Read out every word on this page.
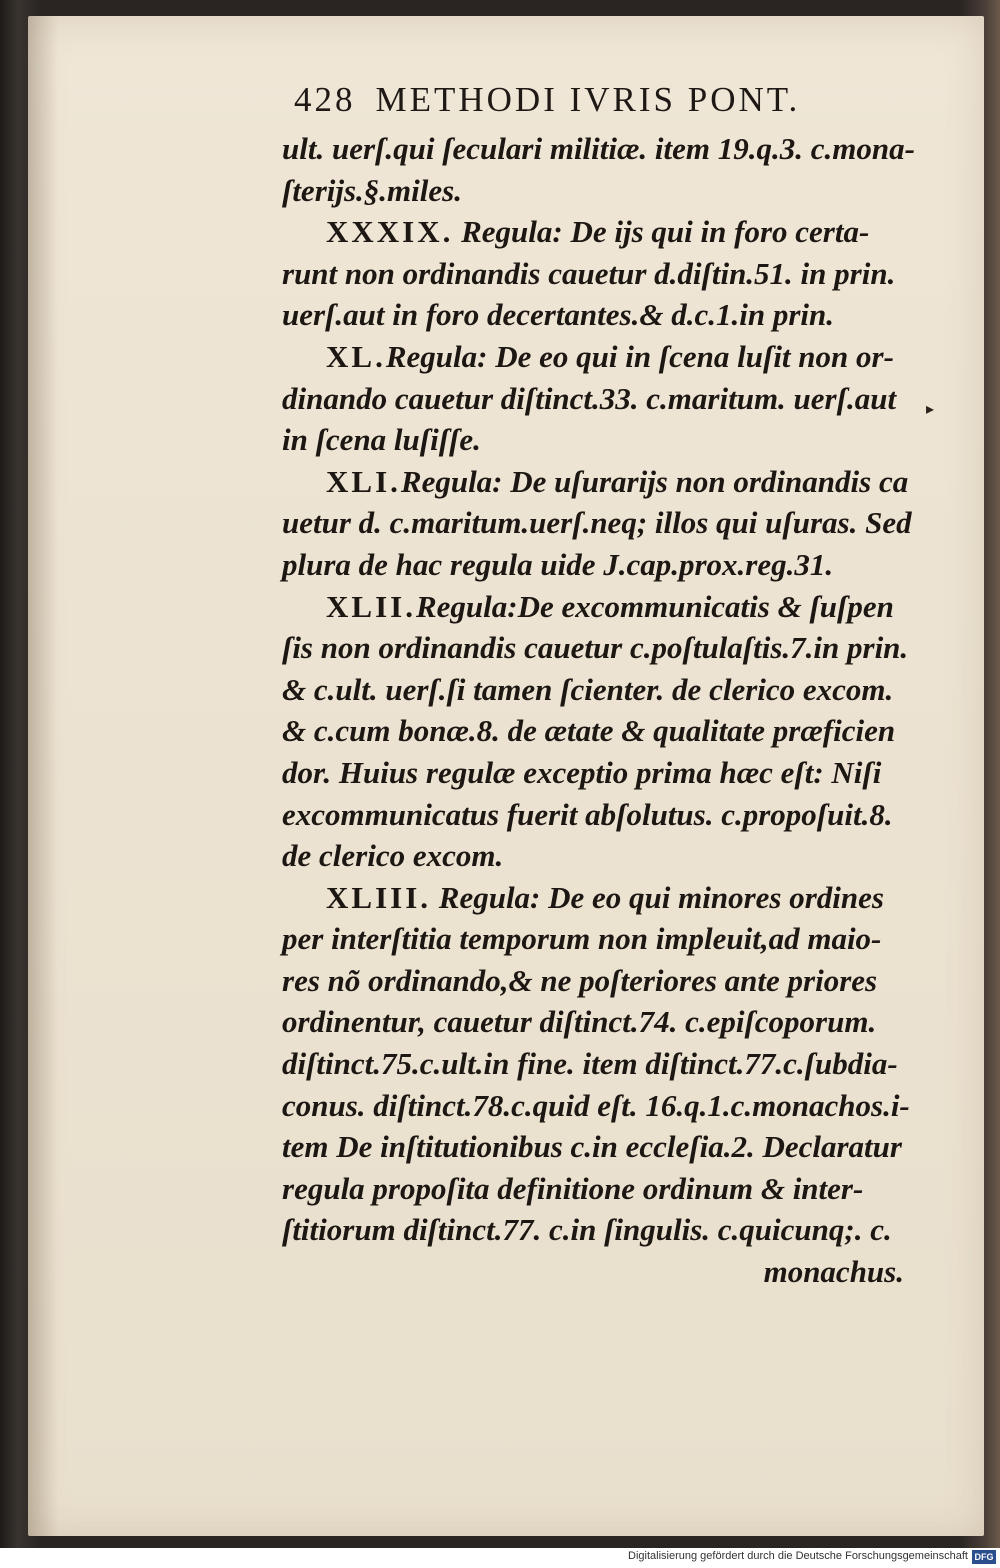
428 METHODI IVRIS PONT.
ult. uerſ.qui ſeculari militiæ. item 19.q.3. c.mona-
ſterijs.§.miles.
XXXIX. Regula: De ijs qui in foro certa-
runt non ordinandis cauetur d.diſtin.51. in prin.
uerſ.aut in foro decertantes.& d.c.1.in prin.
XL.Regula: De eo qui in ſcena luſit non or-
dinando cauetur diſtinct.33. c.maritum. uerſ.aut
in ſcena luſiſſe.
XLI.Regula: De uſurarijs non ordinandis ca
uetur d. c.maritum.uerſ.neq; illos qui uſuras. Sed
plura de hac regula uide J.cap.prox.reg.31.
XLII.Regula:De excommunicatis & ſuſpen
ſis non ordinandis cauetur c.poſtulaſtis.7.in prin.
& c.ult. uerſ.ſi tamen ſcienter. de clerico excom.
& c.cum bonæ.8. de ætate & qualitate præficien
dor. Huius regulæ exceptio prima hæc eſt: Niſi
excommunicatus fuerit abſolutus. c.propoſuit.8.
de clerico excom.
XLIII. Regula: De eo qui minores ordines
per interſtitia temporum non impleuit,ad maio-
res nõ ordinando,& ne poſteriores ante priores
ordinentur, cauetur diſtinct.74. c.epiſcoporum.
diſtinct.75.c.ult.in fine. item diſtinct.77.c.ſubdia-
conus. diſtinct.78.c.quid eſt. 16.q.1.c.monachos.i-
tem De inſtitutionibus c.in eccleſia.2. Declaratur
regula propoſita definitione ordinum & inter-
ſtitiorum diſtinct.77. c.in ſingulis. c.quicunq;. c.
monachus.
▸
Digitalisierung gefördert durch die Deutsche Forschungsgemeinschaft DFG
